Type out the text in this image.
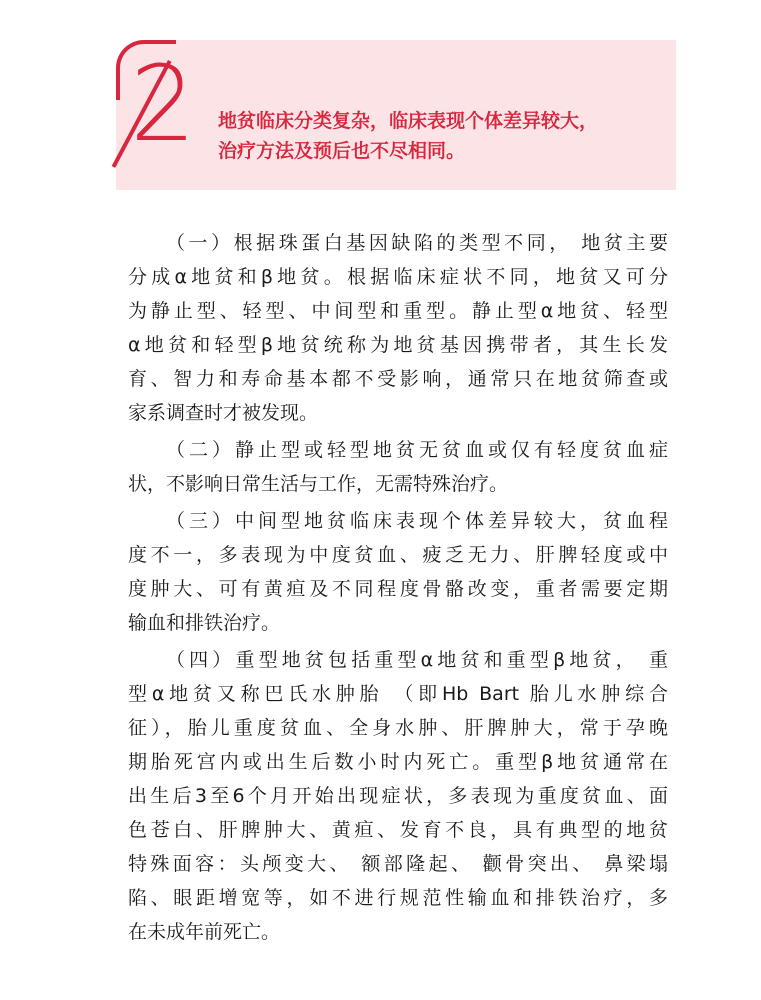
2 地贫临床分类复杂，临床表现个体差异较大，
治疗方法及预后也不尽相同。
（一）根据珠蛋白基因缺陷的类型不同， 地贫主要
分成α地贫和β地贫。根据临床症状不同，地贫又可分
为静止型、轻型、中间型和重型。静止型α地贫、轻型
α地贫和轻型β地贫统称为地贫基因携带者，其生长发
育、智力和寿命基本都不受影响，通常只在地贫筛查或
家系调查时才被发现。
（二）静止型或轻型地贫无贫血或仅有轻度贫血症
状，不影响日常生活与工作，无需特殊治疗。
（三）中间型地贫临床表现个体差异较大，贫血程
度不一，多表现为中度贫血、疲乏无力、肝脾轻度或中
度肿大、可有黄疸及不同程度骨骼改变，重者需要定期
输血和排铁治疗。
（四）重型地贫包括重型α地贫和重型β地贫， 重
型α地贫又称巴氏水肿胎 （即Hb Bart 胎儿水肿综合
征），胎儿重度贫血、全身水肿、肝脾肿大，常于孕晚
期胎死宫内或出生后数小时内死亡。重型β地贫通常在
出生后3至6个月开始出现症状，多表现为重度贫血、面
色苍白、肝脾肿大、黄疸、发育不良，具有典型的地贫
特殊面容：头颅变大、 额部隆起、 颧骨突出、 鼻梁塌
陷、眼距增宽等，如不进行规范性输血和排铁治疗，多
在未成年前死亡。
